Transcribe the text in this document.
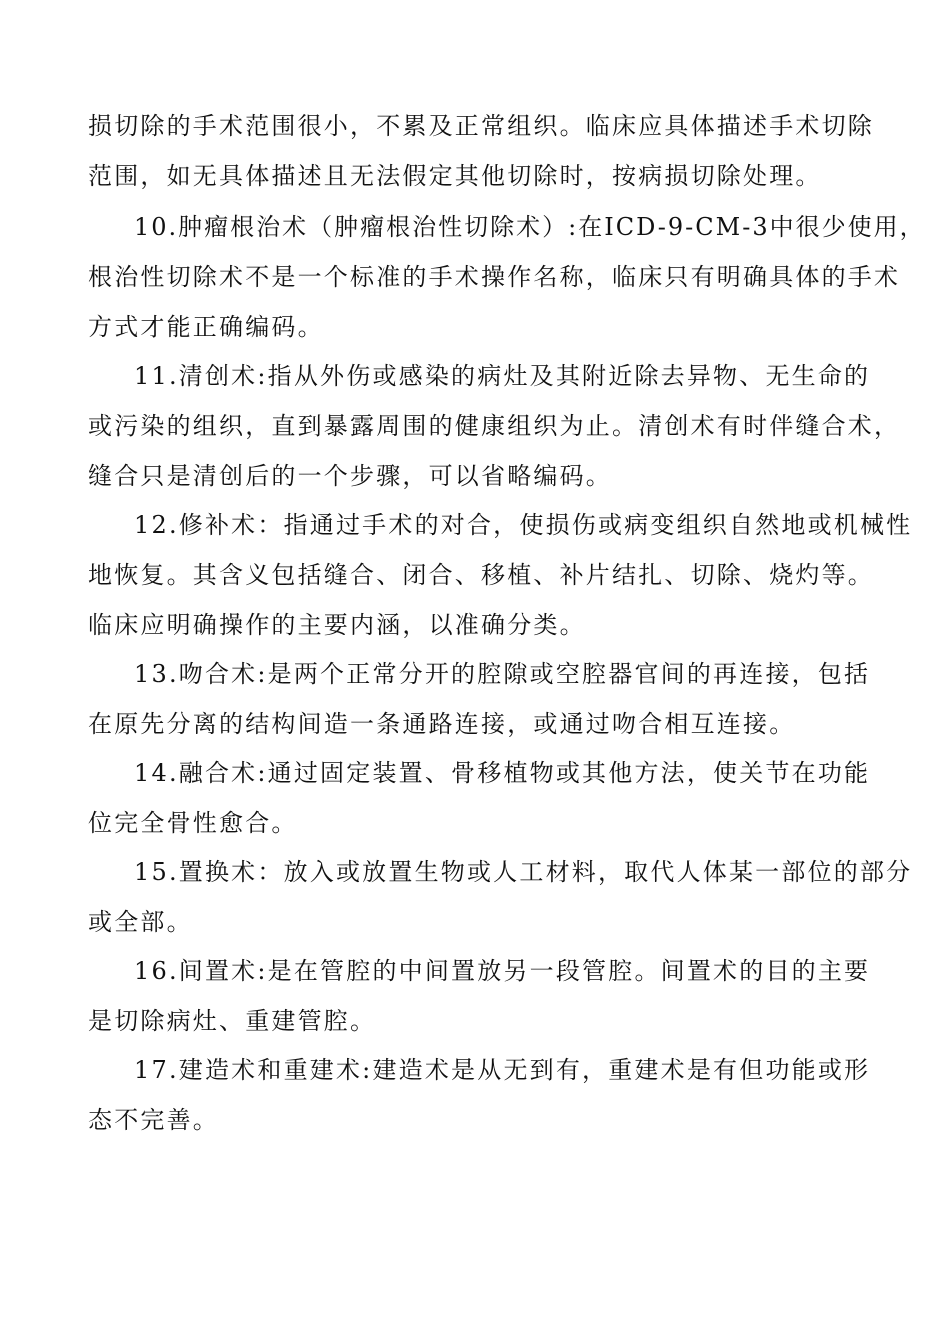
损切除的手术范围很小，不累及正常组织。临床应具体描述手术切除
范围，如无具体描述且无法假定其他切除时，按病损切除处理。
10.肿瘤根治术（肿瘤根治性切除术）:在ICD-9-CM-3中很少使用，
根治性切除术不是一个标准的手术操作名称，临床只有明确具体的手术
方式才能正确编码。
11.清创术:指从外伤或感染的病灶及其附近除去异物、无生命的
或污染的组织，直到暴露周围的健康组织为止。清创术有时伴缝合术，
缝合只是清创后的一个步骤，可以省略编码。
12.修补术：指通过手术的对合，使损伤或病变组织自然地或机械性
地恢复。其含义包括缝合、闭合、移植、补片结扎、切除、烧灼等。
临床应明确操作的主要内涵，以准确分类。
13.吻合术:是两个正常分开的腔隙或空腔器官间的再连接，包括
在原先分离的结构间造一条通路连接，或通过吻合相互连接。
14.融合术:通过固定装置、骨移植物或其他方法，使关节在功能
位完全骨性愈合。
15.置换术：放入或放置生物或人工材料，取代人体某一部位的部分
或全部。
16.间置术:是在管腔的中间置放另一段管腔。间置术的目的主要
是切除病灶、重建管腔。
17.建造术和重建术:建造术是从无到有，重建术是有但功能或形
态不完善。
